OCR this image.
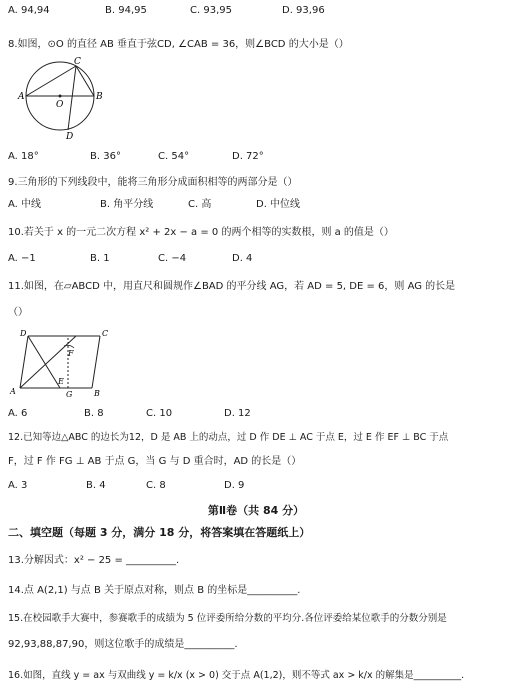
A. 94,94	B. 94,95	C. 93,95	D. 93,96
8.如图，⊙O 的直径 AB 垂直于弦CD, ∠CAB = 36，则∠BCD 的大小是（）
C
A
O
B
D
A. 18°	B. 36°	C. 54°	D. 72°
9.三角形的下列线段中，能将三角形分成面积相等的两部分是（）
A. 中线	B. 角平分线	C. 高	D. 中位线
10.若关于 x 的一元二次方程 x² + 2x − a = 0 的两个相等的实数根，则 a 的值是（）
A. −1	B. 1	C. −4	D. 4
11.如图，在▱ABCD 中，用直尺和圆规作∠BAD 的平分线 AG，若 AD = 5, DE = 6，则 AG 的长是
（）
D	C
F
A
E
B
G
A. 6	B. 8	C. 10	D. 12
12.已知等边△ABC 的边长为12，D 是 AB 上的动点，过 D 作 DE ⊥ AC 于点 E，过 E 作 EF ⊥ BC 于点
F，过 F 作 FG ⊥ AB 于点 G，当 G 与 D 重合时，AD 的长是（）
A. 3	B. 4	C. 8	D. 9
第Ⅱ卷（共 84 分）
二、填空题（每题 3 分，满分 18 分，将答案填在答题纸上）
13.分解因式：x² − 25 = __________.
14.点 A(2,1) 与点 B 关于原点对称，则点 B 的坐标是__________.
15.在校园歌手大赛中，参赛歌手的成绩为 5 位评委所给分数的平均分.各位评委给某位歌手的分数分别是
92,93,88,87,90，则这位歌手的成绩是__________.
16.如图，直线 y = ax 与双曲线 y = k/x (x > 0) 交于点 A(1,2)，则不等式 ax > k/x 的解集是__________.
